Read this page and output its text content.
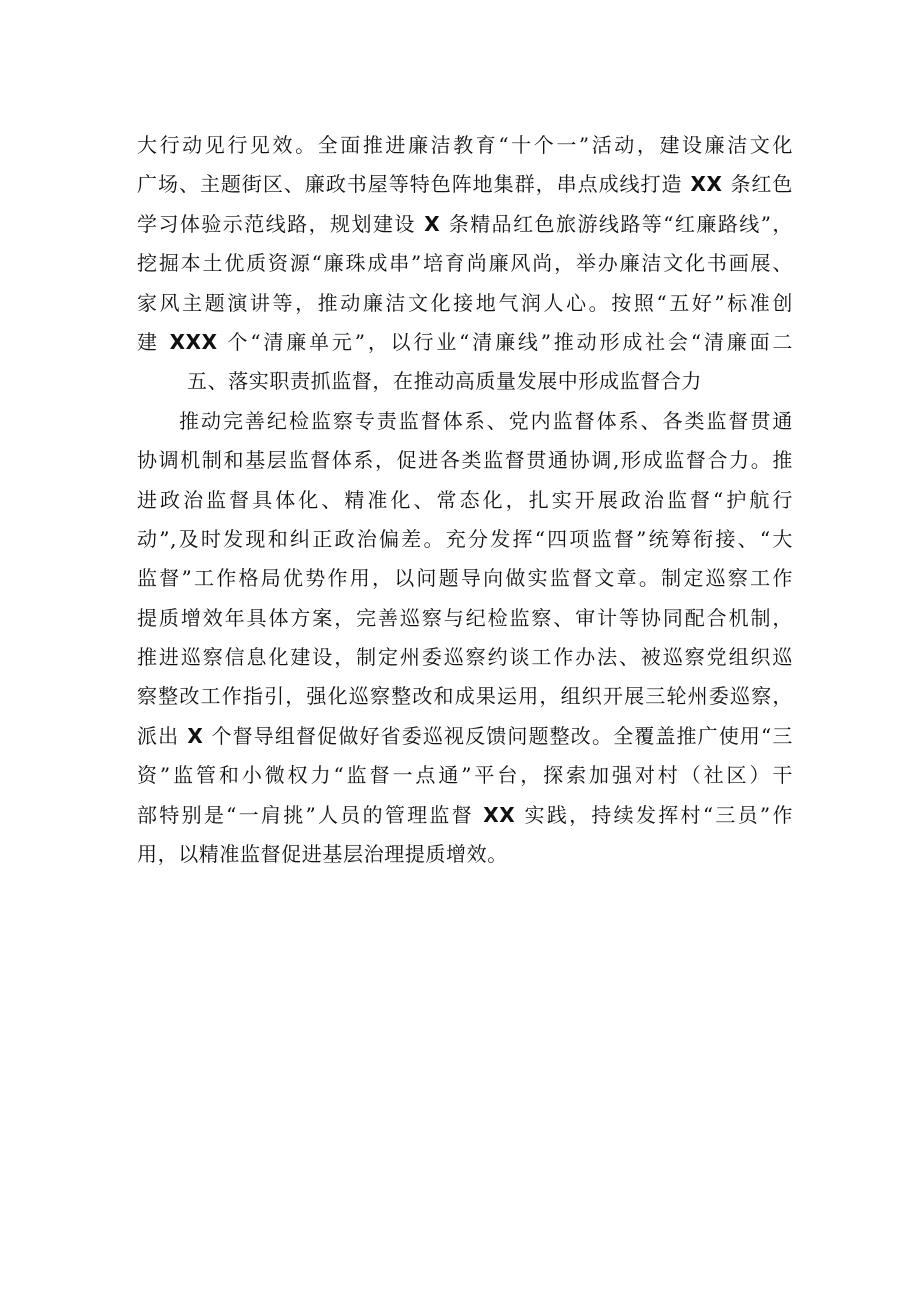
大行动见行见效。全面推进廉洁教育“十个一”活动，建设廉洁文化
广场、主题街区、廉政书屋等特色阵地集群，串点成线打造 XX 条红色
学习体验示范线路，规划建设 X 条精品红色旅游线路等“红廉路线”，
挖掘本土优质资源“廉珠成串”培育尚廉风尚，举办廉洁文化书画展、
家风主题演讲等，推动廉洁文化接地气润人心。按照“五好”标准创
建 XXX 个“清廉单元”，以行业“清廉线”推动形成社会“清廉面二
五、落实职责抓监督，在推动高质量发展中形成监督合力
推动完善纪检监察专责监督体系、党内监督体系、各类监督贯通
协调机制和基层监督体系，促进各类监督贯通协调,形成监督合力。推
进政治监督具体化、精准化、常态化，扎实开展政治监督“护航行
动”,及时发现和纠正政治偏差。充分发挥“四项监督”统筹衔接、“大
监督”工作格局优势作用，以问题导向做实监督文章。制定巡察工作
提质增效年具体方案，完善巡察与纪检监察、审计等协同配合机制，
推进巡察信息化建设，制定州委巡察约谈工作办法、被巡察党组织巡
察整改工作指引，强化巡察整改和成果运用，组织开展三轮州委巡察，
派出 X 个督导组督促做好省委巡视反馈问题整改。全覆盖推广使用“三
资”监管和小微权力“监督一点通”平台，探索加强对村（社区）干
部特别是“一肩挑”人员的管理监督 XX 实践，持续发挥村“三员”作
用，以精准监督促进基层治理提质增效。
